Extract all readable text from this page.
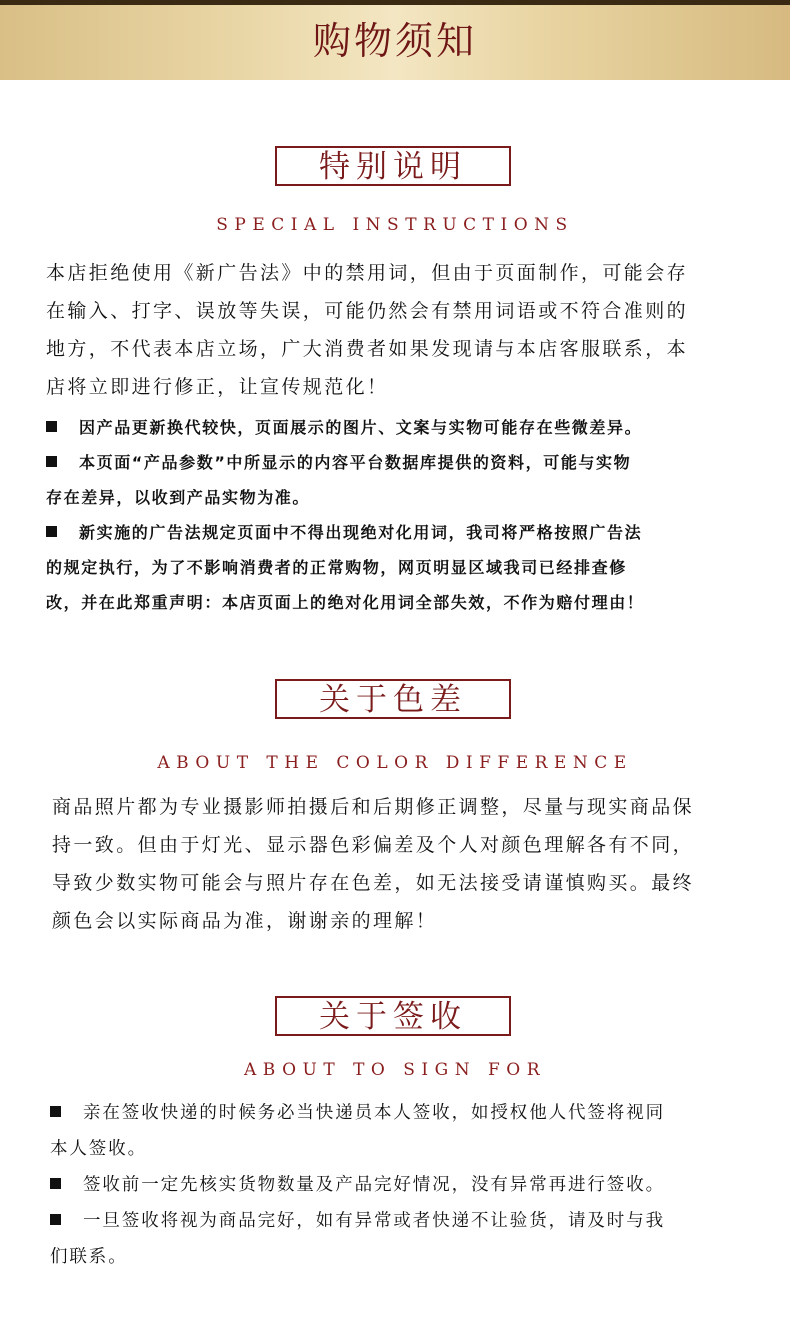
购物须知
特别说明
SPECIAL INSTRUCTIONS
本店拒绝使用《新广告法》中的禁用词，但由于页面制作，可能会存
在输入、打字、误放等失误，可能仍然会有禁用词语或不符合准则的
地方，不代表本店立场，广大消费者如果发现请与本店客服联系，本
店将立即进行修正，让宣传规范化！

因产品更新换代较快，页面展示的图片、文案与实物可能存在些微差异。

本页面“产品参数”中所显示的内容平台数据库提供的资料，可能与实物
存在差异，以收到产品实物为准。

新实施的广告法规定页面中不得出现绝对化用词，我司将严格按照广告法
的规定执行，为了不影响消费者的正常购物，网页明显区域我司已经排查修
改，并在此郑重声明：本店页面上的绝对化用词全部失效，不作为赔付理由！

关于色差
ABOUT THE COLOR DIFFERENCE
商品照片都为专业摄影师拍摄后和后期修正调整，尽量与现实商品保
持一致。但由于灯光、显示器色彩偏差及个人对颜色理解各有不同，
导致少数实物可能会与照片存在色差，如无法接受请谨慎购买。最终
颜色会以实际商品为准，谢谢亲的理解！
关于签收
ABOUT TO SIGN FOR

亲在签收快递的时候务必当快递员本人签收，如授权他人代签将视同
本人签收。

签收前一定先核实货物数量及产品完好情况，没有异常再进行签收。

一旦签收将视为商品完好，如有异常或者快递不让验货，请及时与我
们联系。
